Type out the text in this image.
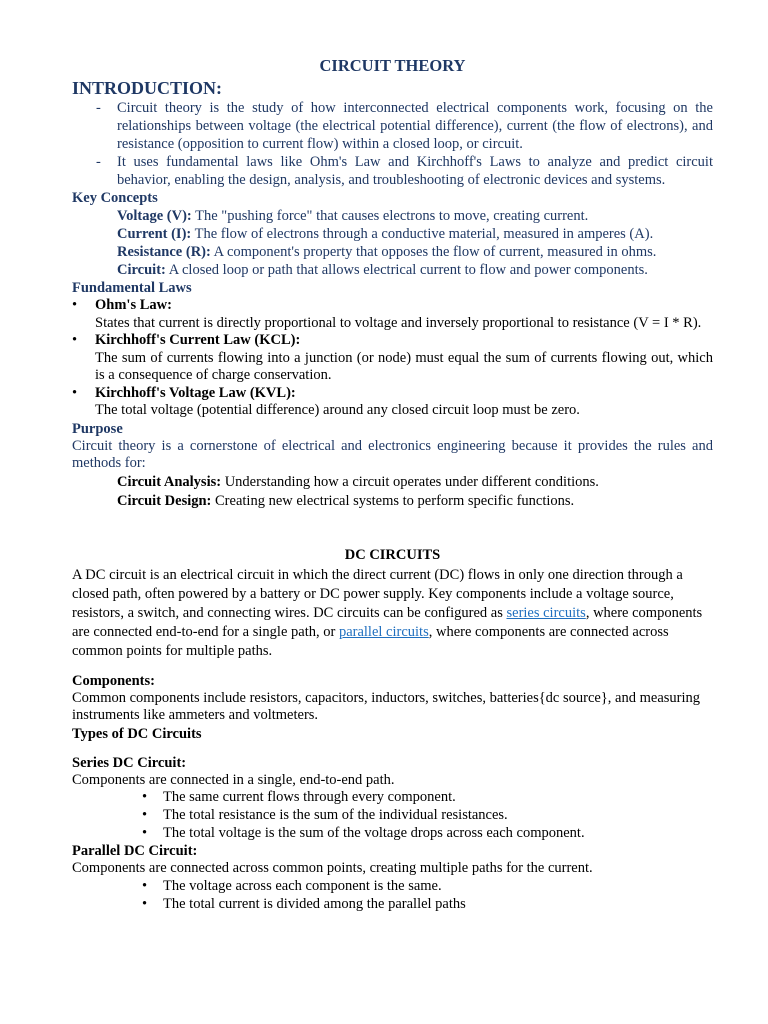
CIRCUIT THEORY
INTRODUCTION:
- Circuit theory is the study of how interconnected electrical components work, focusing on the relationships between voltage (the electrical potential difference), current (the flow of electrons), and resistance (opposition to current flow) within a closed loop, or circuit.
- It uses fundamental laws like Ohm's Law and Kirchhoff's Laws to analyze and predict circuit behavior, enabling the design, analysis, and troubleshooting of electronic devices and systems.
Key Concepts
Voltage (V): The "pushing force" that causes electrons to move, creating current.
Current (I): The flow of electrons through a conductive material, measured in amperes (A).
Resistance (R): A component's property that opposes the flow of current, measured in ohms.
Circuit: A closed loop or path that allows electrical current to flow and power components.
Fundamental Laws
• Ohm's Law:
States that current is directly proportional to voltage and inversely proportional to resistance (V = I * R).
• Kirchhoff's Current Law (KCL):
The sum of currents flowing into a junction (or node) must equal the sum of currents flowing out, which is a consequence of charge conservation.
• Kirchhoff's Voltage Law (KVL):
The total voltage (potential difference) around any closed circuit loop must be zero.
Purpose

Circuit theory is a cornerstone of electrical and electronics engineering because it provides the rules and methods for:

Circuit Analysis: Understanding how a circuit operates under different conditions.
Circuit Design: Creating new electrical systems to perform specific functions.
DC CIRCUITS

A DC circuit is an electrical circuit in which the direct current (DC) flows in only one direction through a closed path, often powered by a battery or DC power supply. Key components include a voltage source, resistors, a switch, and connecting wires. DC circuits can be configured as series circuits, where components are connected end-to-end for a single path, or parallel circuits, where components are connected across common points for multiple paths.

Components:

Common components include resistors, capacitors, inductors, switches, batteries{dc source}, and measuring instruments like ammeters and voltmeters.

Types of DC Circuits
Series DC Circuit:

Components are connected in a single, end-to-end path.

• The same current flows through every component.
• The total resistance is the sum of the individual resistances.
• The total voltage is the sum of the voltage drops across each component.
Parallel DC Circuit:

Components are connected across common points, creating multiple paths for the current.

• The voltage across each component is the same.
• The total current is divided among the parallel paths
